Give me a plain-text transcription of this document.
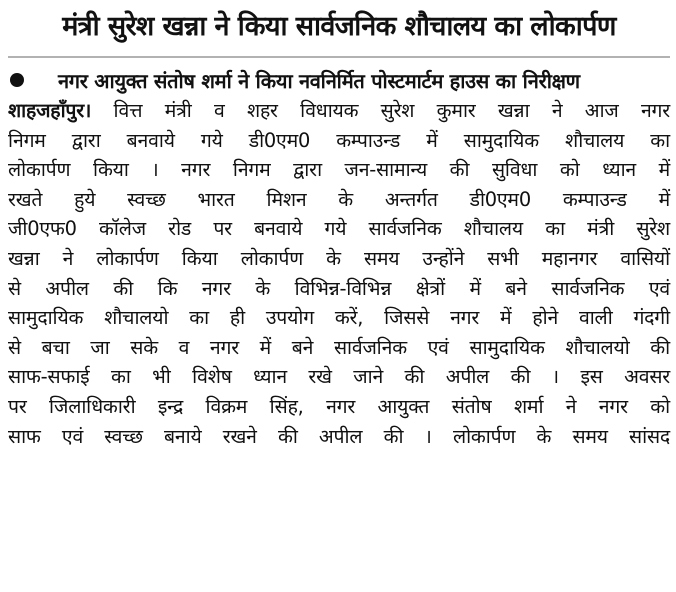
मंत्री सुरेश खन्ना ने किया सार्वजनिक शौचालय का लोकार्पण

नगर आयुक्त संतोष शर्मा ने किया नवनिर्मित पोस्टमार्टम हाउस का निरीक्षण

शाहजहाँपुर। वित्त मंत्री व शहर विधायक सुरेश कुमार खन्ना ने आज नगर
निगम द्वारा बनवाये गये डी0एम0 कम्पाउन्ड में सामुदायिक शौचालय का
लोकार्पण किया । नगर निगम द्वारा जन-सामान्य की सुविधा को ध्यान में
रखते हुये स्वच्छ भारत मिशन के अन्तर्गत डी0एम0 कम्पाउन्ड में
जी0एफ0 कॉलेज रोड पर बनवाये गये सार्वजनिक शौचालय का मंत्री सुरेश
खन्ना ने लोकार्पण किया लोकार्पण के समय उन्होंने सभी महानगर वासियों
से अपील की कि नगर के विभिन्न-विभिन्न क्षेत्रों में बने सार्वजनिक एवं
सामुदायिक शौचालयो का ही उपयोग करें, जिससे नगर में होने वाली गंदगी
से बचा जा सके व नगर में बने सार्वजनिक एवं सामुदायिक शौचालयो की
साफ-सफाई का भी विशेष ध्यान रखे जाने की अपील की । इस अवसर
पर जिलाधिकारी इन्द्र विक्रम सिंह, नगर आयुक्त संतोष शर्मा ने नगर को
साफ एवं स्वच्छ बनाये रखने की अपील की । लोकार्पण के समय सांसद
